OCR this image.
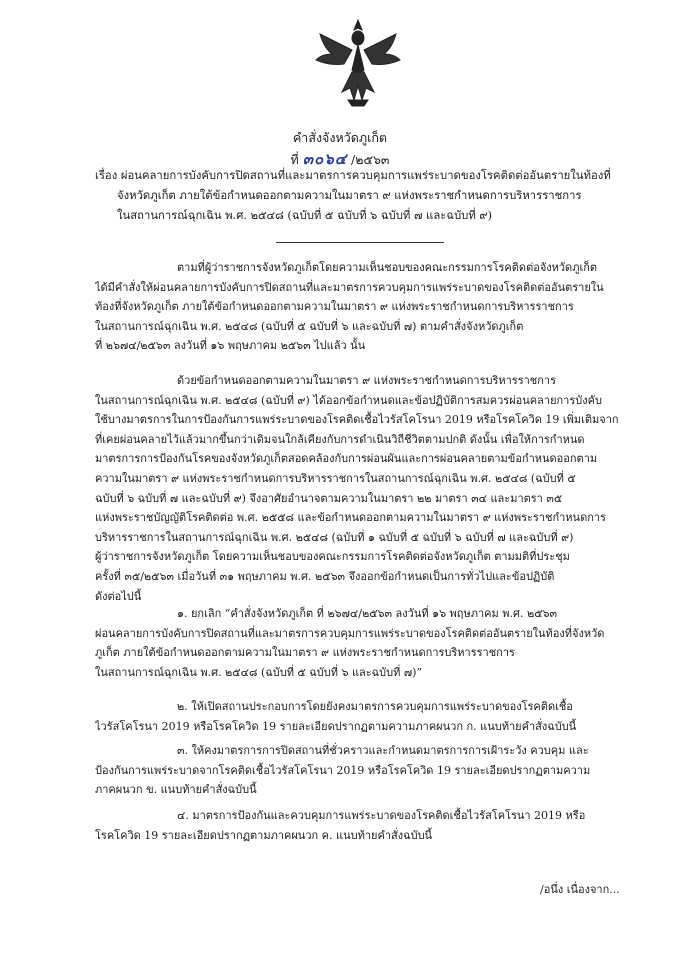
คำสั่งจังหวัดภูเก็ต
ที่ ๓๐๖๔ /๒๕๖๓
เรื่อง ผ่อนคลายการบังคับการปิดสถานที่และมาตรการควบคุมการแพร่ระบาดของโรคติดต่ออันตรายในท้องที่
จังหวัดภูเก็ต ภายใต้ข้อกำหนดออกตามความในมาตรา ๙ แห่งพระราชกำหนดการบริหารราชการ
ในสถานการณ์ฉุกเฉิน พ.ศ. ๒๕๔๘ (ฉบับที่ ๕ ฉบับที่ ๖ ฉบับที่ ๗ และฉบับที่ ๙)
ตามที่ผู้ว่าราชการจังหวัดภูเก็ตโดยความเห็นชอบของคณะกรรมการโรคติดต่อจังหวัดภูเก็ต
ได้มีคำสั่งให้ผ่อนคลายการบังคับการปิดสถานที่และมาตรการควบคุมการแพร่ระบาดของโรคติดต่ออันตรายใน
ท้องที่จังหวัดภูเก็ต ภายใต้ข้อกำหนดออกตามความในมาตรา ๙ แห่งพระราชกำหนดการบริหารราชการ
ในสถานการณ์ฉุกเฉิน พ.ศ. ๒๕๔๘ (ฉบับที่ ๕ ฉบับที่ ๖ และฉบับที่ ๗) ตามคำสั่งจังหวัดภูเก็ต
ที่ ๒๖๗๔/๒๕๖๓ ลงวันที่ ๑๖ พฤษภาคม ๒๕๖๓ ไปแล้ว นั้น
ด้วยข้อกำหนดออกตามความในมาตรา ๙ แห่งพระราชกำหนดการบริหารราชการ
ในสถานการณ์ฉุกเฉิน พ.ศ. ๒๕๔๘ (ฉบับที่ ๙) ได้ออกข้อกำหนดและข้อปฏิบัติการสมควรผ่อนคลายการบังคับ
ใช้บางมาตรการในการป้องกันการแพร่ระบาดของโรคติดเชื้อไวรัสโคโรนา 2019 หรือโรคโควิด 19 เพิ่มเติมจาก
ที่เคยผ่อนคลายไว้แล้วมากขึ้นกว่าเดิมจนใกล้เคียงกับการดำเนินวิถีชีวิตตามปกติ ดังนั้น เพื่อให้การกำหนด
มาตรการการป้องกันโรคของจังหวัดภูเก็ตสอดคล้องกับการผ่อนผันและการผ่อนคลายตามข้อกำหนดออกตาม
ความในมาตรา ๙ แห่งพระราชกำหนดการบริหารราชการในสถานการณ์ฉุกเฉิน พ.ศ. ๒๕๔๘ (ฉบับที่ ๕
ฉบับที่ ๖ ฉบับที่ ๗ และฉบับที่ ๙) จึงอาศัยอำนาจตามความในมาตรา ๒๒ มาตรา ๓๔ และมาตรา ๓๕
แห่งพระราชบัญญัติโรคติดต่อ พ.ศ. ๒๕๕๘ และข้อกำหนดออกตามความในมาตรา ๙ แห่งพระราชกำหนดการ
บริหารราชการในสถานการณ์ฉุกเฉิน พ.ศ. ๒๕๔๘ (ฉบับที่ ๑ ฉบับที่ ๕ ฉบับที่ ๖ ฉบับที่ ๗ และฉบับที่ ๙)
ผู้ว่าราชการจังหวัดภูเก็ต โดยความเห็นชอบของคณะกรรมการโรคติดต่อจังหวัดภูเก็ต ตามมติที่ประชุม
ครั้งที่ ๓๕/๒๕๖๓ เมื่อวันที่ ๓๑ พฤษภาคม พ.ศ. ๒๕๖๓ จึงออกข้อกำหนดเป็นการทั่วไปและข้อปฏิบัติ
ดังต่อไปนี้
๑. ยกเลิก “คำสั่งจังหวัดภูเก็ต ที่ ๒๖๗๔/๒๕๖๓ ลงวันที่ ๑๖ พฤษภาคม พ.ศ. ๒๕๖๓
ผ่อนคลายการบังคับการปิดสถานที่และมาตรการควบคุมการแพร่ระบาดของโรคติดต่ออันตรายในท้องที่จังหวัด
ภูเก็ต ภายใต้ข้อกำหนดออกตามความในมาตรา ๙ แห่งพระราชกำหนดการบริหารราชการ
ในสถานการณ์ฉุกเฉิน พ.ศ. ๒๕๔๘ (ฉบับที่ ๕ ฉบับที่ ๖ และฉบับที่ ๗)”
๒. ให้เปิดสถานประกอบการโดยยังคงมาตรการควบคุมการแพร่ระบาดของโรคติดเชื้อ
ไวรัสโคโรนา 2019 หรือโรคโควิด 19 รายละเอียดปรากฏตามความภาคผนวก ก. แนบท้ายคำสั่งฉบับนี้
๓. ให้คงมาตรการการปิดสถานที่ชั่วคราวและกำหนดมาตรการการเฝ้าระวัง ควบคุม และ
ป้องกันการแพร่ระบาดจากโรคติดเชื้อไวรัสโคโรนา 2019 หรือโรคโควิด 19 รายละเอียดปรากฏตามความ
ภาคผนวก ข. แนบท้ายคำสั่งฉบับนี้
๔. มาตรการป้องกันและควบคุมการแพร่ระบาดของโรคติดเชื้อไวรัสโคโรนา 2019 หรือ
โรคโควิด 19 รายละเอียดปรากฏตามภาคผนวก ค. แนบท้ายคำสั่งฉบับนี้
/อนึ่ง เนื่องจาก...
